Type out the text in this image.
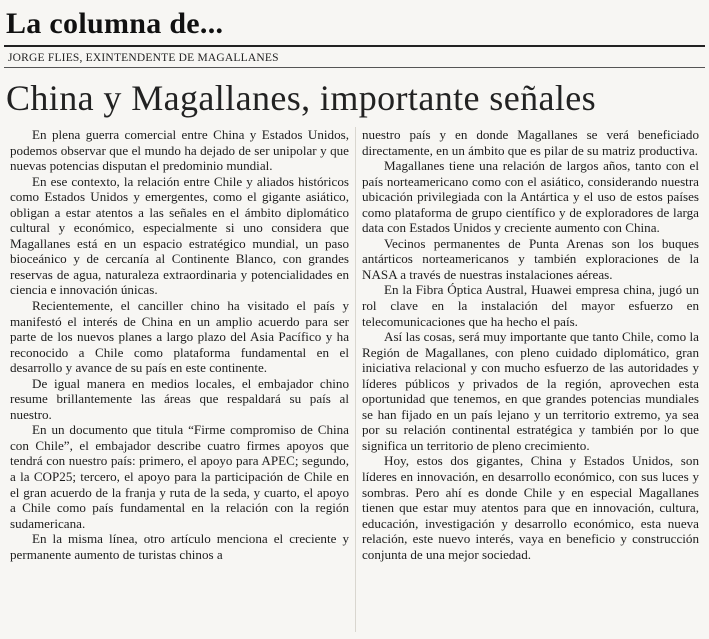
La columna de...
JORGE FLIES, EXINTENDENTE DE MAGALLANES
China y Magallanes, importante señales

En plena guerra comercial entre China y Estados Unidos, podemos observar que el mundo ha dejado de ser unipolar y que nuevas potencias disputan el predominio mundial.

En ese contexto, la relación entre Chile y aliados históricos como Estados Unidos y emergentes, como el gigante asiático, obligan a estar atentos a las señales en el ámbito diplomático cultural y económico, especialmente si uno considera que Magallanes está en un espacio estratégico mundial, un paso bioceánico y de cercanía al Continente Blanco, con grandes reservas de agua, naturaleza extraordinaria y potencialidades en ciencia e innovación únicas.

Recientemente, el canciller chino ha visitado el país y manifestó el interés de China en un amplio acuerdo para ser parte de los nuevos planes a largo plazo del Asia Pacífico y ha reconocido a Chile como plataforma fundamental en el desarrollo y avance de su país en este continente.

De igual manera en medios locales, el embajador chino resume brillantemente las áreas que respaldará su país al nuestro.

En un documento que titula “Firme compromiso de China con Chile”, el embajador describe cuatro firmes apoyos que tendrá con nuestro país: primero, el apoyo para APEC; segundo, a la COP25; tercero, el apoyo para la participación de Chile en el gran acuerdo de la franja y ruta de la seda, y cuarto, el apoyo a Chile como país fundamental en la relación con la región sudamericana.

En la misma línea, otro artículo menciona el creciente y permanente aumento de turistas chinos a

nuestro país y en donde Magallanes se verá beneficiado directamente, en un ámbito que es pilar de su matriz productiva.

Magallanes tiene una relación de largos años, tanto con el país norteamericano como con el asiático, considerando nuestra ubicación privilegiada con la Antártica y el uso de estos países como plataforma de grupo científico y de exploradores de larga data con Estados Unidos y creciente aumento con China.

Vecinos permanentes de Punta Arenas son los buques antárticos norteamericanos y también exploraciones de la NASA a través de nuestras instalaciones aéreas.

En la Fibra Óptica Austral, Huawei empresa china, jugó un rol clave en la instalación del mayor esfuerzo en telecomunicaciones que ha hecho el país.

Así las cosas, será muy importante que tanto Chile, como la Región de Magallanes, con pleno cuidado diplomático, gran iniciativa relacional y con mucho esfuerzo de las autoridades y líderes públicos y privados de la región, aprovechen esta oportunidad que tenemos, en que grandes potencias mundiales se han fijado en un país lejano y un territorio extremo, ya sea por su relación continental estratégica y también por lo que significa un territorio de pleno crecimiento.

Hoy, estos dos gigantes, China y Estados Unidos, son líderes en innovación, en desarrollo económico, con sus luces y sombras. Pero ahí es donde Chile y en especial Magallanes tienen que estar muy atentos para que en innovación, cultura, educación, investigación y desarrollo económico, esta nueva relación, este nuevo interés, vaya en beneficio y construcción conjunta de una mejor sociedad.
